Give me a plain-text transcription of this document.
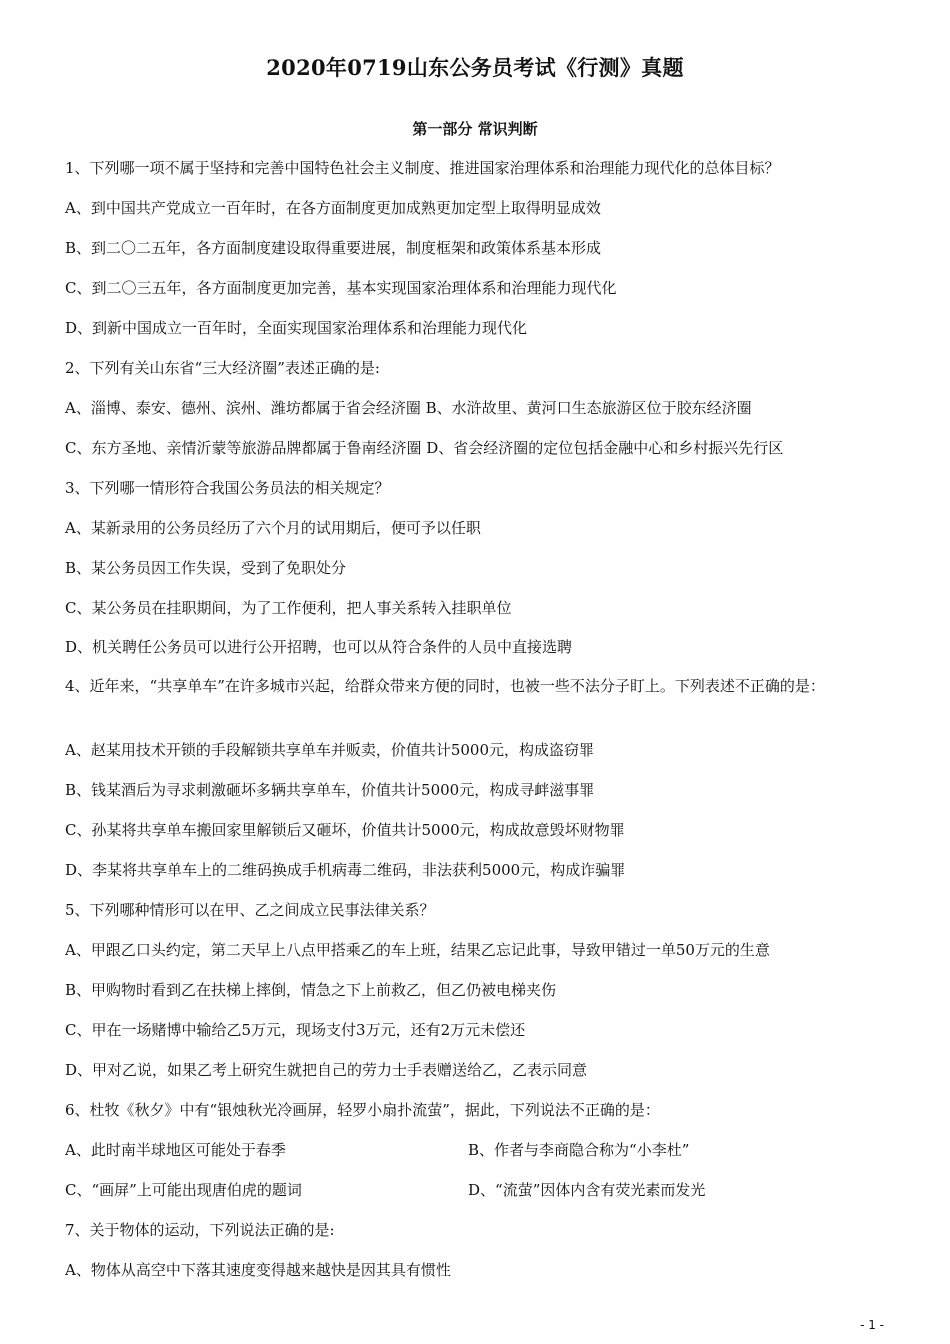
2020年0719山东公务员考试《行测》真题
第一部分 常识判断
1、下列哪一项不属于坚持和完善中国特色社会主义制度、推进国家治理体系和治理能力现代化的总体目标？
A、到中国共产党成立一百年时，在各方面制度更加成熟更加定型上取得明显成效
B、到二〇二五年，各方面制度建设取得重要进展，制度框架和政策体系基本形成
C、到二〇三五年，各方面制度更加完善，基本实现国家治理体系和治理能力现代化
D、到新中国成立一百年时，全面实现国家治理体系和治理能力现代化
2、下列有关山东省“三大经济圈”表述正确的是:
A、淄博、泰安、德州、滨州、潍坊都属于省会经济圈 B、水浒故里、黄河口生态旅游区位于胶东经济圈
C、东方圣地、亲情沂蒙等旅游品牌都属于鲁南经济圈 D、省会经济圈的定位包括金融中心和乡村振兴先行区
3、下列哪一情形符合我国公务员法的相关规定？
A、某新录用的公务员经历了六个月的试用期后，便可予以任职
B、某公务员因工作失误，受到了免职处分
C、某公务员在挂职期间，为了工作便利，把人事关系转入挂职单位
D、机关聘任公务员可以进行公开招聘，也可以从符合条件的人员中直接选聘
4、近年来，“共享单车”在许多城市兴起，给群众带来方便的同时，也被一些不法分子盯上。下列表述不正确的是：
A、赵某用技术开锁的手段解锁共享单车并贩卖，价值共计5000元，构成盗窃罪
B、钱某酒后为寻求刺激砸坏多辆共享单车，价值共计5000元，构成寻衅滋事罪
C、孙某将共享单车搬回家里解锁后又砸坏，价值共计5000元，构成故意毁坏财物罪
D、李某将共享单车上的二维码换成手机病毒二维码，非法获利5000元，构成诈骗罪
5、下列哪种情形可以在甲、乙之间成立民事法律关系？
A、甲跟乙口头约定，第二天早上八点甲搭乘乙的车上班，结果乙忘记此事，导致甲错过一单50万元的生意
B、甲购物时看到乙在扶梯上摔倒，情急之下上前救乙，但乙仍被电梯夹伤
C、甲在一场赌博中输给乙5万元，现场支付3万元，还有2万元未偿还
D、甲对乙说，如果乙考上研究生就把自己的劳力士手表赠送给乙，乙表示同意
6、杜牧《秋夕》中有“银烛秋光冷画屏，轻罗小扇扑流萤”，据此，下列说法不正确的是：
A、此时南半球地区可能处于春季	B、作者与李商隐合称为“小李杜”
C、“画屏”上可能出现唐伯虎的题词	D、“流萤”因体内含有荧光素而发光
7、关于物体的运动，下列说法正确的是:
A、物体从高空中下落其速度变得越来越快是因其具有惯性
- 1 -
